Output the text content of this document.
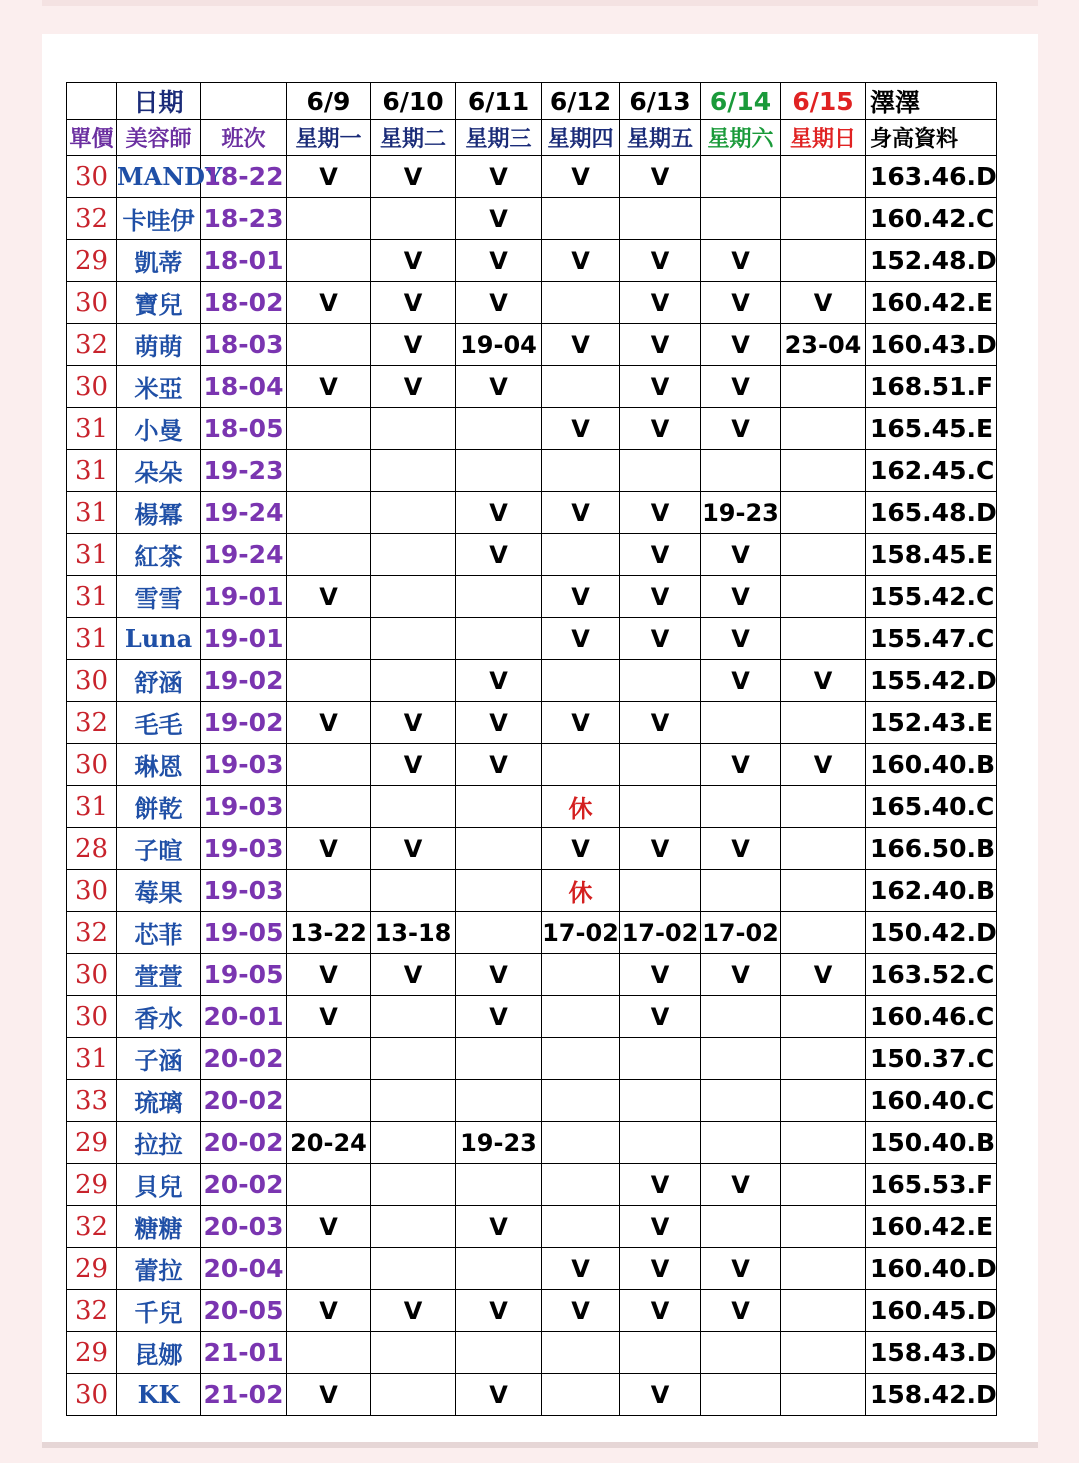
	日期		6/9	6/10	6/11	6/12	6/13	6/14	6/15	澤澤
單價	美容師	班次	星期一	星期二	星期三	星期四	星期五	星期六	星期日	身高資料
30	MANDY	18-22	V	V	V	V	V			163.46.D
32	卡哇伊	18-23			V					160.42.C
29	凱蒂	18-01		V	V	V	V	V		152.48.D
30	寶兒	18-02	V	V	V		V	V	V	160.42.E
32	萌萌	18-03		V	19-04	V	V	V	23-04	160.43.D
30	米亞	18-04	V	V	V		V	V		168.51.F
31	小曼	18-05				V	V	V		165.45.E
31	朵朵	19-23								162.45.C
31	楊冪	19-24			V	V	V	19-23		165.48.D
31	紅茶	19-24			V		V	V		158.45.E
31	雪雪	19-01	V			V	V	V		155.42.C
31	Luna	19-01				V	V	V		155.47.C
30	舒涵	19-02			V			V	V	155.42.D
32	毛毛	19-02	V	V	V	V	V			152.43.E
30	琳恩	19-03		V	V			V	V	160.40.B
31	餅乾	19-03				休				165.40.C
28	子暄	19-03	V	V		V	V	V		166.50.B
30	莓果	19-03				休				162.40.B
32	芯菲	19-05	13-22	13-18		17-02	17-02	17-02		150.42.D
30	萱萱	19-05	V	V	V		V	V	V	163.52.C
30	香水	20-01	V		V		V			160.46.C
31	子涵	20-02								150.37.C
33	琉璃	20-02								160.40.C
29	拉拉	20-02	20-24		19-23					150.40.B
29	貝兒	20-02					V	V		165.53.F
32	糖糖	20-03	V		V		V			160.42.E
29	蕾拉	20-04				V	V	V		160.40.D
32	千兒	20-05	V	V	V	V	V	V		160.45.D
29	昆娜	21-01								158.43.D
30	KK	21-02	V		V		V			158.42.D
